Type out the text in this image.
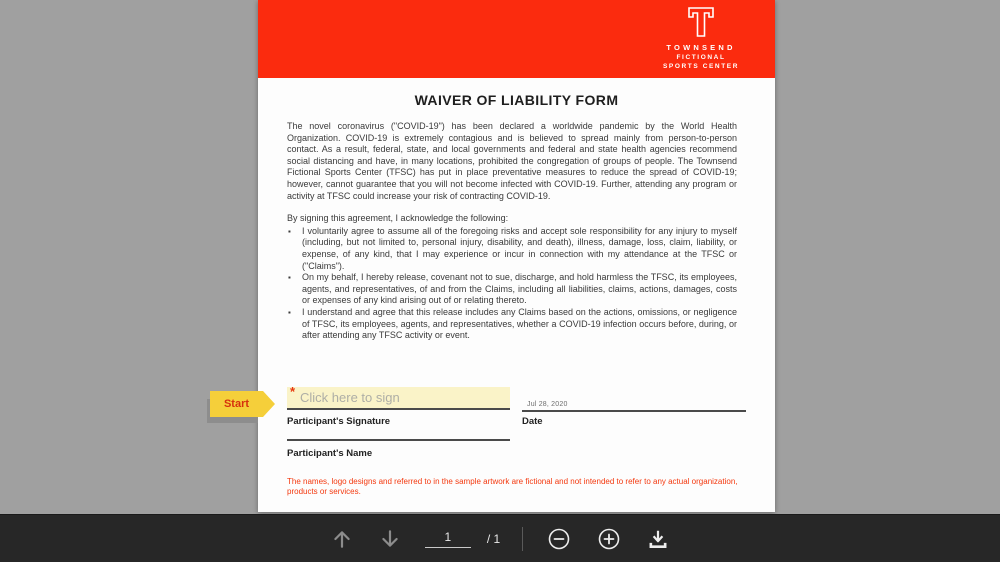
TOWNSEND
FICTIONAL
SPORTS CENTER
WAIVER OF LIABILITY FORM

The novel coronavirus ("COVID-19") has been declared a worldwide pandemic by the World Health Organization. COVID-19 is extremely contagious and is believed to spread mainly from person-to-person contact. As a result, federal, state, and local governments and federal and state health agencies recommend social distancing and have, in many locations, prohibited the congregation of groups of people. The Townsend Fictional Sports Center (TFSC) has put in place preventative measures to reduce the spread of COVID-19; however, cannot guarantee that you will not become infected with COVID-19. Further, attending any program or activity at TFSC could increase your risk of contracting COVID-19.

By signing this agreement, I acknowledge the following:

▪ I voluntarily agree to assume all of the foregoing risks and accept sole responsibility for any injury to myself (including, but not limited to, personal injury, disability, and death), illness, damage, loss, claim, liability, or expense, of any kind, that I may experience or incur in connection with my attendance at the TFSC or ("Claims").
▪ On my behalf, I hereby release, covenant not to sue, discharge, and hold harmless the TFSC, its employees, agents, and representatives, of and from the Claims, including all liabilities, claims, actions, damages, costs or expenses of any kind arising out of or relating thereto.
▪ I understand and agree that this release includes any Claims based on the actions, omissions, or negligence of TFSC, its employees, agents, and representatives, whether a COVID-19 infection occurs before, during, or after attending any TFSC activity or event.
Start
* Click here to sign
Participant's Signature
Jul 28, 2020
Date
Participant's Name
The names, logo designs and referred to in the sample artwork are fictional and not intended to refer to any actual organization, products or services.
1
/ 1
